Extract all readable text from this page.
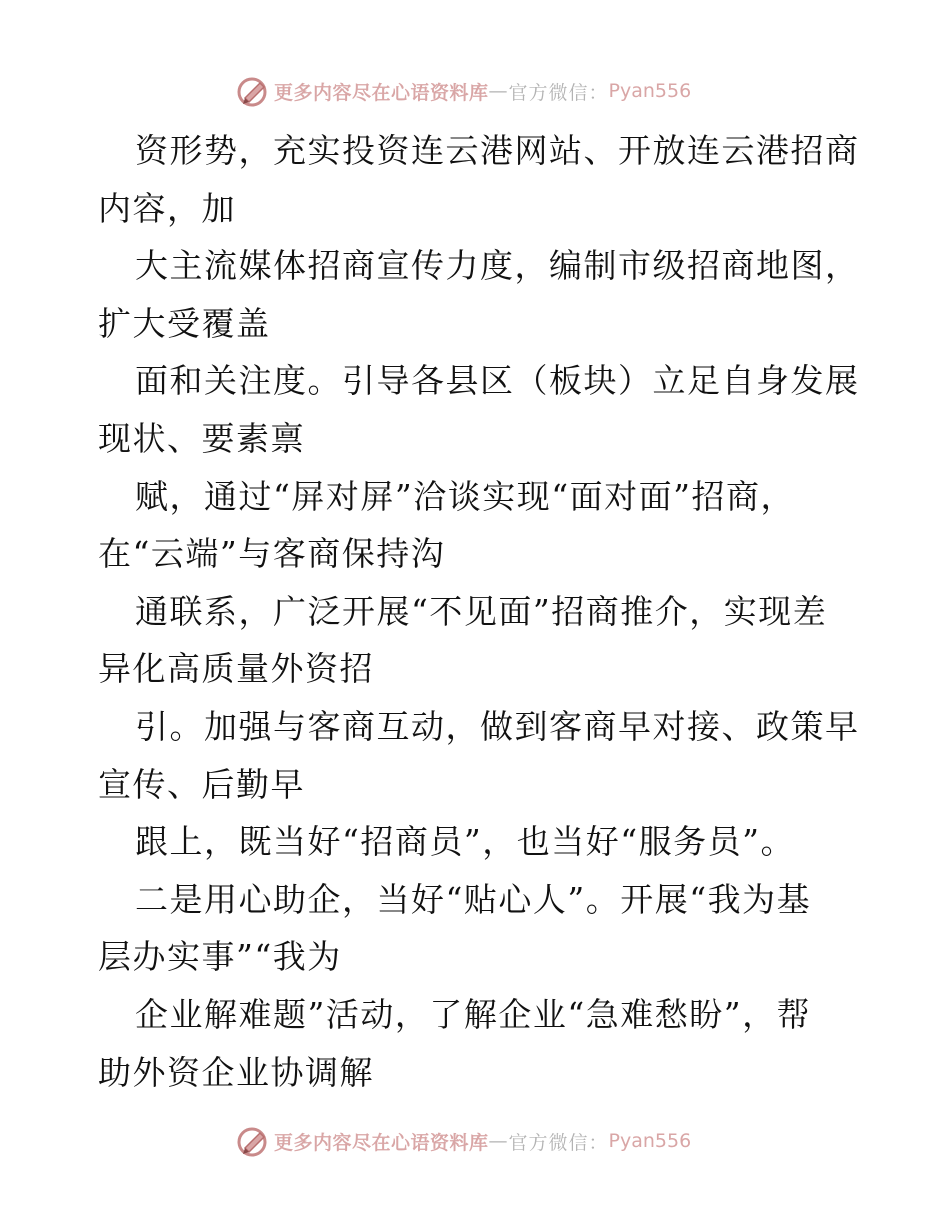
更多内容尽在心语资料库 — 官方微信： Pyan556
资形势，充实投资连云港网站、开放连云港招商
内容，加
大主流媒体招商宣传力度，编制市级招商地图，
扩大受覆盖
面和关注度。引导各县区（板块）立足自身发展
现状、要素禀
赋，通过“屏对屏”洽谈实现“面对面”招商，
在“云端”与客商保持沟
通联系，广泛开展“不见面”招商推介，实现差
异化高质量外资招
引。加强与客商互动，做到客商早对接、政策早
宣传、后勤早
跟上，既当好“招商员”，也当好“服务员”。
二是用心助企，当好“贴心人”。开展“我为基
层办实事”“我为
企业解难题”活动，了解企业“急难愁盼”，帮
助外资企业协调解
更多内容尽在心语资料库 — 官方微信： Pyan556
